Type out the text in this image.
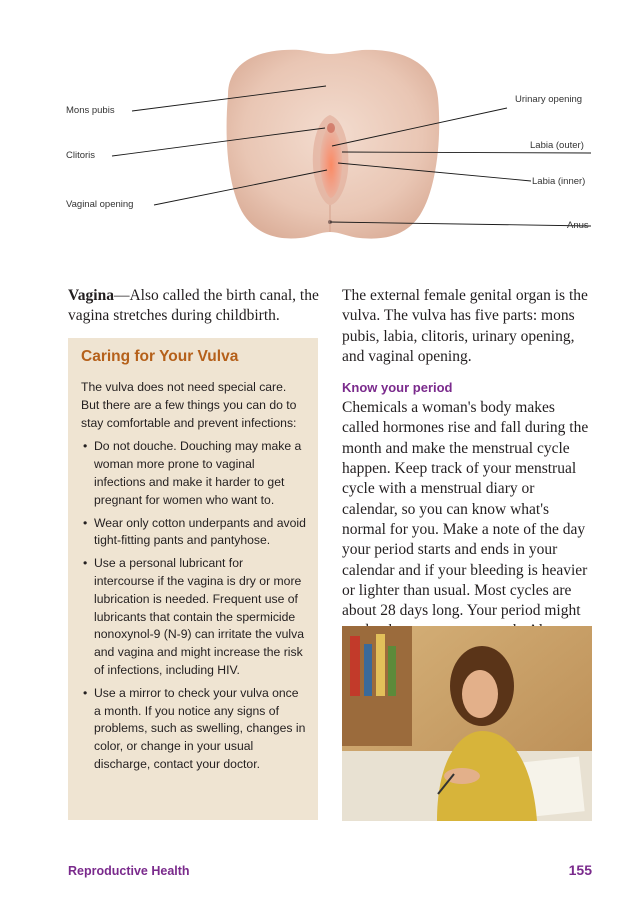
Mons pubis
Clitoris
Vaginal opening
Urinary opening
Labia (outer)
Labia (inner)
Anus
Vagina—Also called the birth canal, the vagina stretches during childbirth.
Caring for Your Vulva

The vulva does not need special care. But there are a few things you can do to stay comfortable and prevent infections:

• Do not douche. Douching may make a woman more prone to vaginal infections and make it harder to get pregnant for women who want to.
• Wear only cotton underpants and avoid tight-fitting pants and pantyhose.
• Use a personal lubricant for intercourse if the vagina is dry or more lubrication is needed. Frequent use of lubricants that contain the spermicide nonoxynol-9 (N-9) can irritate the vulva and vagina and might increase the risk of infections, including HIV.
• Use a mirror to check your vulva once a month. If you notice any signs of problems, such as swelling, changes in color, or change in your usual discharge, contact your doctor.

The external female genital organ is the vulva. The vulva has five parts: mons pubis, labia, clitoris, urinary opening, and vaginal opening.

Know your period

Chemicals a woman's body makes called hormones rise and fall during the month and make the menstrual cycle happen. Keep track of your menstrual cycle with a menstrual diary or calendar, so you can know what's normal for you. Make a note of the day your period starts and ends in your calendar and if your bleeding is heavier or lighter than usual. Most cycles are about 28 days long. Your period might

Reproductive Health	155
